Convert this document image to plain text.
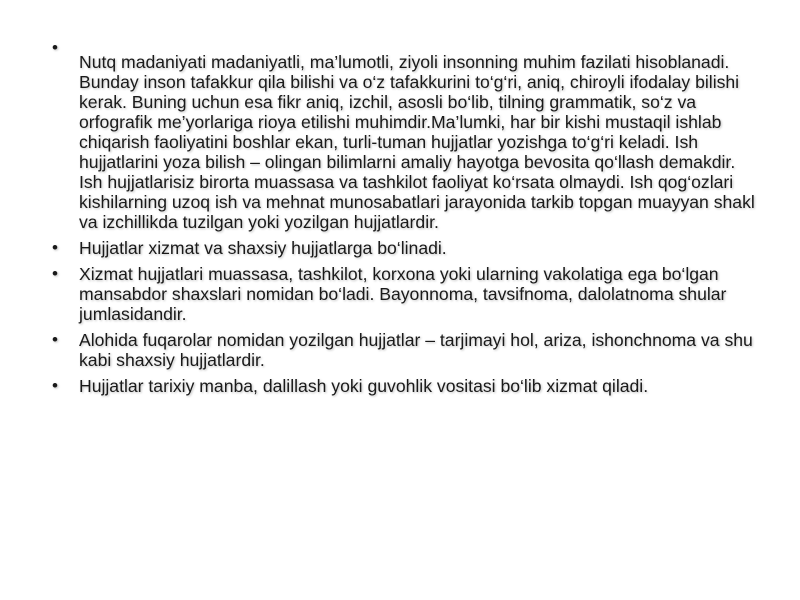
•
Nutq madaniyati madaniyatli, ma’lumotli, ziyoli insonning muhim fazilati hisoblanadi. Bunday inson tafakkur qila bilishi va o‘z tafakkurini to‘g‘ri, aniq, chiroyli ifodalay bilishi kerak. Buning uchun esa fikr aniq, izchil, asosli bo‘lib, tilning grammatik, so‘z va orfografik me’yorlariga rioya etilishi muhimdir.Ma’lumki, har bir kishi mustaqil ishlab chiqarish faoliyatini boshlar ekan, turli-tuman hujjatlar yozishga to‘g‘ri keladi. Ish hujjatlarini yoza bilish – olingan bilimlarni amaliy hayotga bevosita qo‘llash demakdir. Ish hujjatlarisiz birorta muassasa va tashkilot faoliyat ko‘rsata olmaydi. Ish qog‘ozlari kishilarning uzoq ish va mehnat munosabatlari jarayonida tarkib topgan muayyan shakl va izchillikda tuzilgan yoki yozilgan hujjatlardir.
• Hujjatlar xizmat va shaxsiy hujjatlarga bo‘linadi.
• Xizmat hujjatlari muassasa, tashkilot, korxona yoki ularning vakolatiga ega bo‘lgan mansabdor shaxslari nomidan bo‘ladi. Bayonnoma, tavsifnoma, dalolatnoma shular jumlasidandir.
• Alohida fuqarolar nomidan yozilgan hujjatlar – tarjimayi hol, ariza, ishonchnoma va shu kabi shaxsiy hujjatlardir.
• Hujjatlar tarixiy manba, dalillash yoki guvohlik vositasi bo‘lib xizmat qiladi.
